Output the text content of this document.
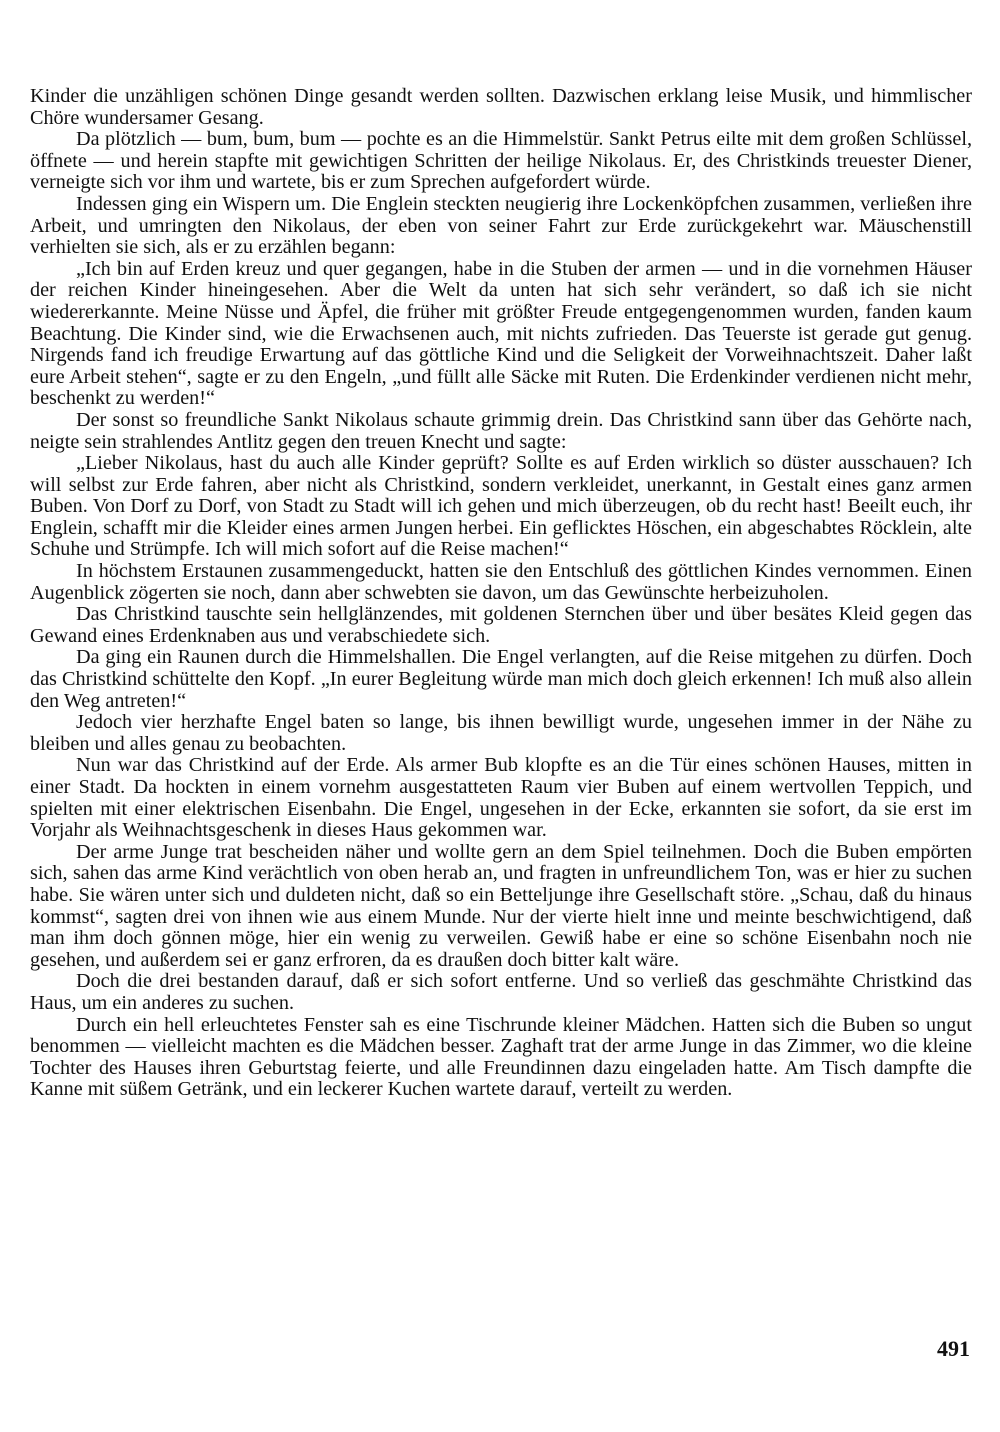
Kinder die unzähligen schönen Dinge gesandt werden sollten. Dazwischen erklang leise Musik, und himmlischer Chöre wundersamer Gesang.

Da plötzlich — bum, bum, bum — pochte es an die Himmelstür. Sankt Petrus eilte mit dem großen Schlüssel, öffnete — und herein stapfte mit gewichtigen Schritten der heilige Nikolaus. Er, des Christkinds treuester Diener, verneigte sich vor ihm und wartete, bis er zum Sprechen aufgefordert würde.

Indessen ging ein Wispern um. Die Englein steckten neugierig ihre Lockenköpfchen zusammen, verließen ihre Arbeit, und umringten den Nikolaus, der eben von seiner Fahrt zur Erde zurückgekehrt war. Mäuschenstill verhielten sie sich, als er zu erzählen begann:

„Ich bin auf Erden kreuz und quer gegangen, habe in die Stuben der armen — und in die vornehmen Häuser der reichen Kinder hineingesehen. Aber die Welt da unten hat sich sehr verändert, so daß ich sie nicht wiedererkannte. Meine Nüsse und Äpfel, die früher mit größter Freude entgegengenommen wurden, fanden kaum Beachtung. Die Kinder sind, wie die Erwachsenen auch, mit nichts zufrieden. Das Teuerste ist gerade gut genug. Nirgends fand ich freudige Erwartung auf das göttliche Kind und die Seligkeit der Vorweihnachtszeit. Daher laßt eure Arbeit stehen“, sagte er zu den Engeln, „und füllt alle Säcke mit Ruten. Die Erdenkinder verdienen nicht mehr, beschenkt zu werden!“

Der sonst so freundliche Sankt Nikolaus schaute grimmig drein. Das Christkind sann über das Gehörte nach, neigte sein strahlendes Antlitz gegen den treuen Knecht und sagte:

„Lieber Nikolaus, hast du auch alle Kinder geprüft? Sollte es auf Erden wirklich so düster ausschauen? Ich will selbst zur Erde fahren, aber nicht als Christkind, sondern verkleidet, unerkannt, in Gestalt eines ganz armen Buben. Von Dorf zu Dorf, von Stadt zu Stadt will ich gehen und mich überzeugen, ob du recht hast! Beeilt euch, ihr Englein, schafft mir die Kleider eines armen Jungen herbei. Ein geflicktes Höschen, ein abgeschabtes Röcklein, alte Schuhe und Strümpfe. Ich will mich sofort auf die Reise machen!“

In höchstem Erstaunen zusammengeduckt, hatten sie den Entschluß des göttlichen Kindes vernommen. Einen Augenblick zögerten sie noch, dann aber schwebten sie davon, um das Gewünschte herbeizuholen.

Das Christkind tauschte sein hellglänzendes, mit goldenen Sternchen über und über besätes Kleid gegen das Gewand eines Erdenknaben aus und verabschiedete sich.

Da ging ein Raunen durch die Himmelshallen. Die Engel verlangten, auf die Reise mitgehen zu dürfen. Doch das Christkind schüttelte den Kopf. „In eurer Begleitung würde man mich doch gleich erkennen! Ich muß also allein den Weg antreten!“

Jedoch vier herzhafte Engel baten so lange, bis ihnen bewilligt wurde, ungesehen immer in der Nähe zu bleiben und alles genau zu beobachten.

Nun war das Christkind auf der Erde. Als armer Bub klopfte es an die Tür eines schönen Hauses, mitten in einer Stadt. Da hockten in einem vornehm ausgestatteten Raum vier Buben auf einem wertvollen Teppich, und spielten mit einer elektrischen Eisenbahn. Die Engel, ungesehen in der Ecke, erkannten sie sofort, da sie erst im Vorjahr als Weihnachtsgeschenk in dieses Haus gekommen war.

Der arme Junge trat bescheiden näher und wollte gern an dem Spiel teilnehmen. Doch die Buben empörten sich, sahen das arme Kind verächtlich von oben herab an, und fragten in unfreundlichem Ton, was er hier zu suchen habe. Sie wären unter sich und duldeten nicht, daß so ein Betteljunge ihre Gesellschaft störe. „Schau, daß du hinaus kommst“, sagten drei von ihnen wie aus einem Munde. Nur der vierte hielt inne und meinte beschwichtigend, daß man ihm doch gönnen möge, hier ein wenig zu verweilen. Gewiß habe er eine so schöne Eisenbahn noch nie gesehen, und außerdem sei er ganz erfroren, da es draußen doch bitter kalt wäre.

Doch die drei bestanden darauf, daß er sich sofort entferne. Und so verließ das geschmähte Christkind das Haus, um ein anderes zu suchen.

Durch ein hell erleuchtetes Fenster sah es eine Tischrunde kleiner Mädchen. Hatten sich die Buben so ungut benommen — vielleicht machten es die Mädchen besser. Zaghaft trat der arme Junge in das Zimmer, wo die kleine Tochter des Hauses ihren Geburtstag feierte, und alle Freundinnen dazu eingeladen hatte. Am Tisch dampfte die Kanne mit süßem Getränk, und ein leckerer Kuchen wartete darauf, verteilt zu werden.

491
